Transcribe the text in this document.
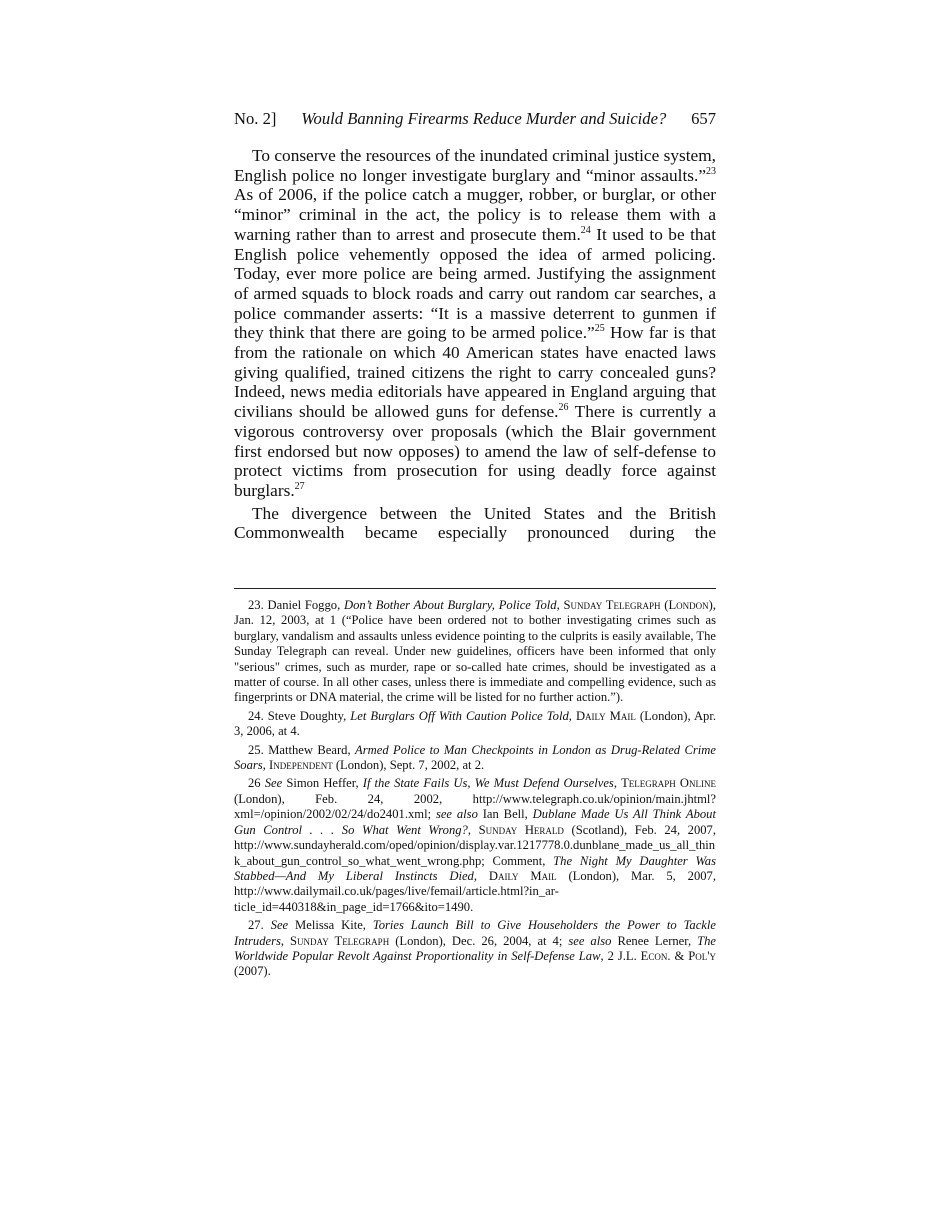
No. 2] Would Banning Firearms Reduce Murder and Suicide? 657

To conserve the resources of the inundated criminal justice system, English police no longer investigate burglary and “minor assaults.”$^{23}$ As of 2006, if the police catch a mugger, robber, or burglar, or other “minor” criminal in the act, the policy is to release them with a warning rather than to arrest and prosecute them.$^{24}$ It used to be that English police vehemently opposed the idea of armed policing. Today, ever more police are being armed. Justifying the assignment of armed squads to block roads and carry out random car searches, a police commander asserts: “It is a massive deterrent to gunmen if they think that there are going to be armed police.”$^{25}$ How far is that from the rationale on which 40 American states have enacted laws giving qualified, trained citizens the right to carry concealed guns? Indeed, news media editorials have appeared in England arguing that civilians should be allowed guns for defense.$^{26}$ There is currently a vigorous controversy over proposals (which the Blair government first endorsed but now opposes) to amend the law of self-defense to protect victims from prosecution for using deadly force against burglars.$^{27}$

The divergence between the United States and the British Commonwealth became especially pronounced during the

23. Daniel Foggo, Don’t Bother About Burglary, Police Told, Sunday Telegraph (London), Jan. 12, 2003, at 1 (“Police have been ordered not to bother investigating crimes such as burglary, vandalism and assaults unless evidence pointing to the culprits is easily available, The Sunday Telegraph can reveal. Under new guidelines, officers have been informed that only "serious" crimes, such as murder, rape or so-called hate crimes, should be investigated as a matter of course. In all other cases, unless there is immediate and compelling evidence, such as fingerprints or DNA material, the crime will be listed for no further action.”).

24. Steve Doughty, Let Burglars Off With Caution Police Told, Daily Mail (London), Apr. 3, 2006, at 4.

25. Matthew Beard, Armed Police to Man Checkpoints in London as Drug-Related Crime Soars, Independent (London), Sept. 7, 2002, at 2.

26 See Simon Heffer, If the State Fails Us, We Must Defend Ourselves, Telegraph Online (London), Feb. 24, 2002, http://www.telegraph.co.uk/opinion/main.jhtml?xml=/opinion/2002/02/24/do2401.xml; see also Ian Bell, Dublane Made Us All Think About Gun Control . . . So What Went Wrong?, Sunday Herald (Scotland), Feb. 24, 2007, http://www.sundayherald.com/oped/opinion/display.var.1217778.0.dunblane_made_us_all_think_about_gun_control_so_what_went_wrong.php; Comment, The Night My Daughter Was Stabbed—And My Liberal Instincts Died, Daily Mail (London), Mar. 5, 2007, http://www.dailymail.co.uk/pages/live/femail/article.html?in_ar-ticle_id=440318&in_page_id=1766&ito=1490.

27. See Melissa Kite, Tories Launch Bill to Give Householders the Power to Tackle Intruders, Sunday Telegraph (London), Dec. 26, 2004, at 4; see also Renee Lerner, The Worldwide Popular Revolt Against Proportionality in Self-Defense Law, 2 J.L. Econ. & Pol'y (2007).
